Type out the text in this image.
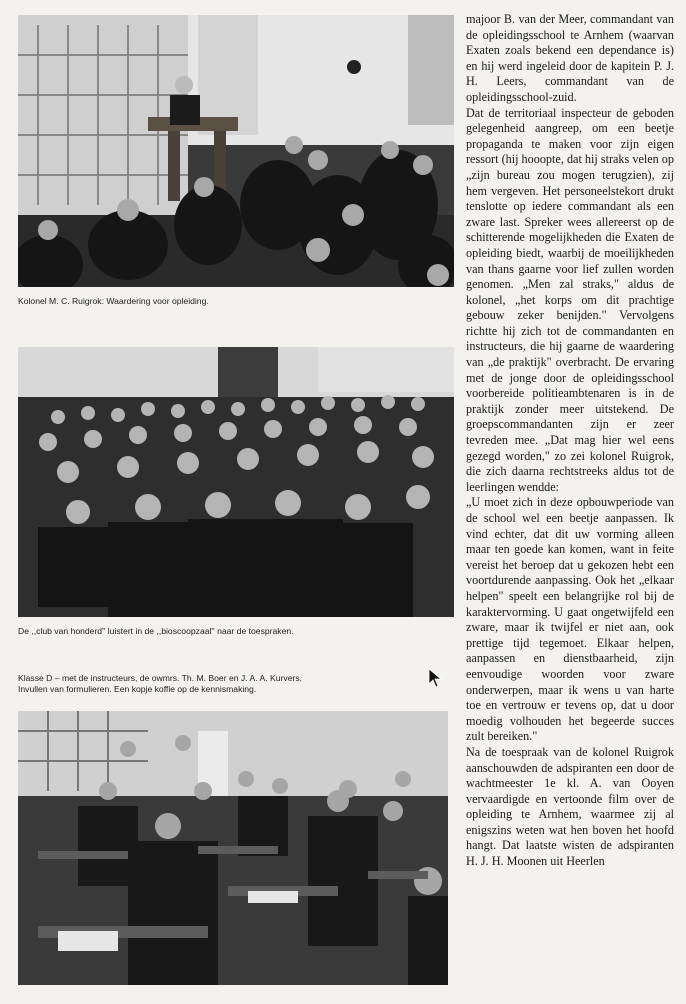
Kolonel M. C. Ruigrok: Waardering voor opleiding.
De ,,club van honderd'' luistert in de ,,bioscoopzaal'' naar de toespraken.
Klasse D – met de instructeurs, de owmrs. Th. M. Boer en J. A. A. Kurvers.
Invullen van formulieren. Een kopje koffie op de kennismaking.

majoor B. van der Meer, commandant van de opleidingsschool te Arnhem (waarvan Exaten zoals bekend een dependance is) en hij werd ingeleid door de kapitein P. J. H. Leers, commandant van de opleidingsschool-zuid.

Dat de territoriaal inspecteur de geboden gelegenheid aangreep, om een beetje propaganda te maken voor zijn eigen ressort (hij hooopte, dat hij straks velen op „zijn bureau zou mogen terugzien), zij hem vergeven. Het personeelstekort drukt tenslotte op iedere commandant als een zware last. Spreker wees allereerst op de schitterende mogelijkheden die Exaten de opleiding biedt, waarbij de moeilijkheden van thans gaarne voor lief zullen worden genomen. „Men zal straks," aldus de kolonel, „het korps om dit prachtige gebouw zeker benijden." Vervolgens richtte hij zich tot de commandanten en instructeurs, die hij gaarne de waardering van „de praktijk" overbracht. De ervaring met de jonge door de opleidingsschool voorbereide politieambtenaren is in de praktijk zonder meer uitstekend. De groepscommandanten zijn er zeer tevreden mee. „Dat mag hier wel eens gezegd worden," zo zei kolonel Ruigrok, die zich daarna rechtstreeks aldus tot de leerlingen wendde:

„U moet zich in deze opbouwperiode van de school wel een beetje aanpassen. Ik vind echter, dat dit uw vorming alleen maar ten goede kan komen, want in feite vereist het beroep dat u gekozen hebt een voortdurende aanpassing. Ook het „elkaar helpen" speelt een belangrijke rol bij de karaktervorming. U gaat ongetwijfeld een zware, maar ik twijfel er niet aan, ook prettige tijd tegemoet. Elkaar helpen, aanpassen en dienstbaarheid, zijn eenvoudige woorden voor zware onderwerpen, maar ik wens u van harte toe en vertrouw er tevens op, dat u door moedig volhouden het begeerde succes zult bereiken."

Na de toespraak van de kolonel Ruigrok aanschouwden de adspiranten een door de wachtmeester 1e kl. A. van Ooyen vervaardigde en vertoonde film over de opleiding te Arnhem, waarmee zij al enigszins weten wat hen boven het hoofd hangt. Dat laatste wisten de adspiranten H. J. H. Moonen uit Heerlen
